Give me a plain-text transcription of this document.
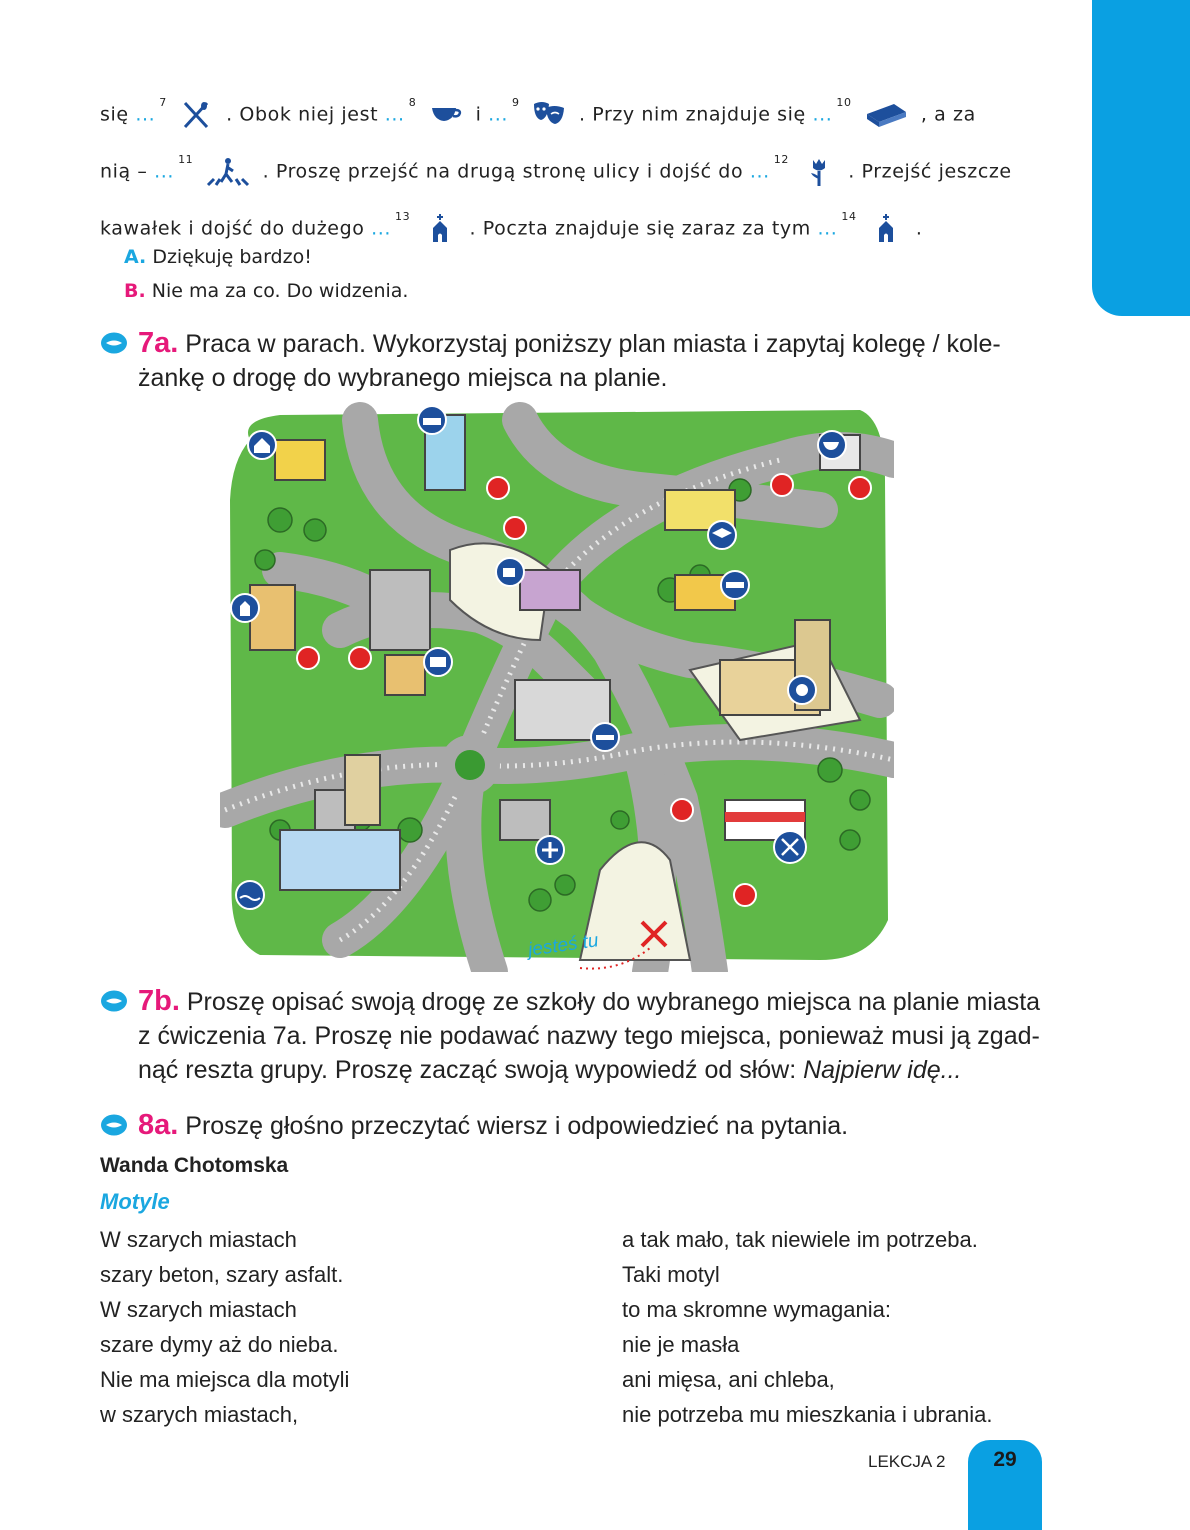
się ...$^7$  . Obok niej jest ...$^8$  i ...$^9$  . Przy nim znajduje się ...$^{10}$  , a za
nią – ...$^{11}$  . Proszę przejść na drugą stronę ulicy i dojść do ...$^{12}$  . Przejść jeszcze
kawałek i dojść do dużego ...$^{13}$  . Poczta znajduje się zaraz za tym ...$^{14}$  .
A. Dziękuję bardzo!
B. Nie ma za co. Do widzenia.
7a. Praca w parach. Wykorzystaj poniższy plan miasta i zapytaj kolegę / kole-żankę o drogę do wybranego miejsca na planie.
jesteś tu
7b. Proszę opisać swoją drogę ze szkoły do wybranego miejsca na planie miasta z ćwiczenia 7a. Proszę nie podawać nazwy tego miejsca, ponieważ musi ją zgad-nąć reszta grupy. Proszę zacząć swoją wypowiedź od słów: Najpierw idę...
8a. Proszę głośno przeczytać wiersz i odpowiedzieć na pytania.
Wanda Chotomska
Motyle
W szarych miastach
szary beton, szary asfalt.
W szarych miastach
szare dymy aż do nieba.
Nie ma miejsca dla motyli
w szarych miastach,
a tak mało, tak niewiele im potrzeba.
Taki motyl
to ma skromne wymagania:
nie je masła
ani mięsa, ani chleba,
nie potrzeba mu mieszkania i ubrania.
LEKCJA 2	29
